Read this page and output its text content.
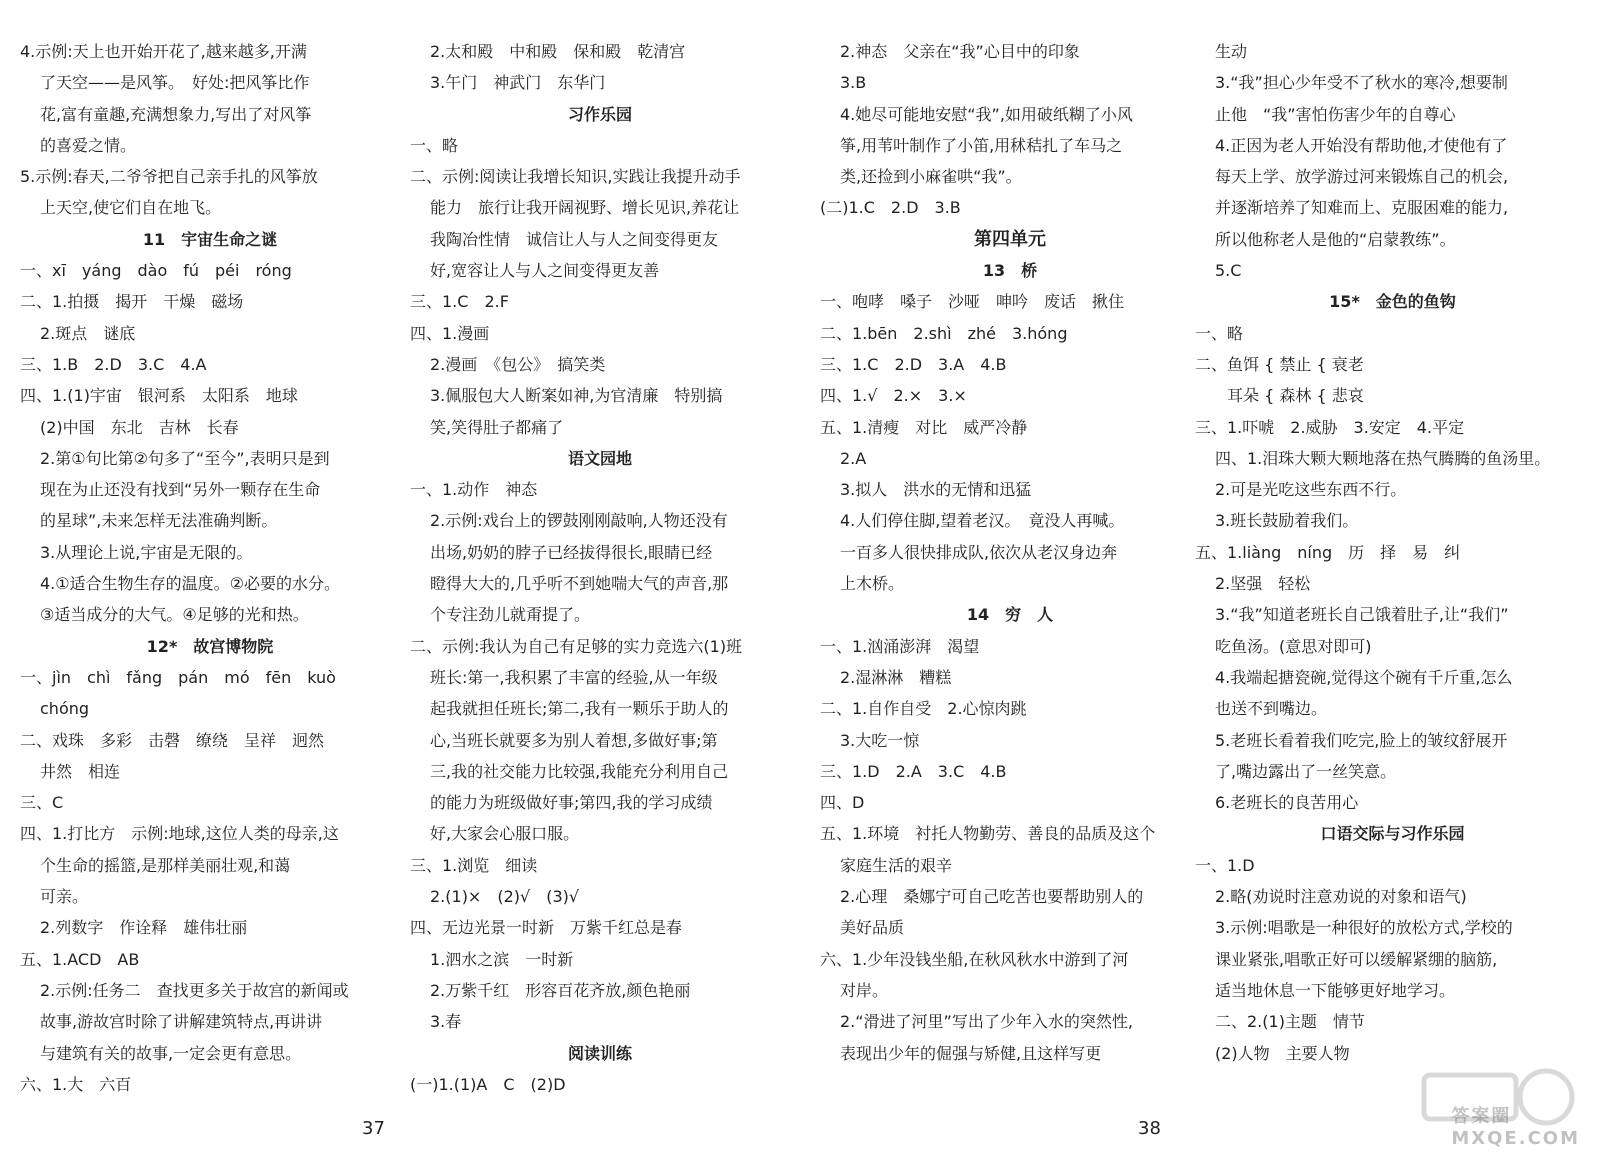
4.示例:天上也开始开花了,越来越多,开满
了天空——是风筝。　好处:把风筝比作
花,富有童趣,充满想象力,写出了对风筝
的喜爱之情。
5.示例:春天,二爷爷把自己亲手扎的风筝放
上天空,使它们自在地飞。
11　宇宙生命之谜
一、xī　yáng　dào　fú　péi　róng
二、1.拍摄　揭开　干燥　磁场
2.斑点　谜底
三、1.B　2.D　3.C　4.A
四、1.(1)宇宙　银河系　太阳系　地球
(2)中国　东北　吉林　长春
2.第①句比第②句多了“至今”,表明只是到
现在为止还没有找到“另外一颗存在生命
的星球”,未来怎样无法准确判断。
3.从理论上说,宇宙是无限的。
4.①适合生物生存的温度。②必要的水分。
③适当成分的大气。④足够的光和热。
12*　故宫博物院
一、jìn　chì　fǎng　pán　mó　fēn　kuò
chóng
二、戏珠　多彩　击磬　缭绕　呈祥　迥然
井然　相连
三、C
四、1.打比方　示例:地球,这位人类的母亲,这
个生命的摇篮,是那样美丽壮观,和蔼
可亲。
2.列数字　作诠释　雄伟壮丽
五、1.ACD　AB
2.示例:任务二　查找更多关于故宫的新闻或
故事,游故宫时除了讲解建筑特点,再讲讲
与建筑有关的故事,一定会更有意思。
六、1.大　六百
2.太和殿　中和殿　保和殿　乾清宫
3.午门　神武门　东华门
习作乐园
一、略
二、示例:阅读让我增长知识,实践让我提升动手
能力　旅行让我开阔视野、增长见识,养花让
我陶冶性情　诚信让人与人之间变得更友
好,宽容让人与人之间变得更友善
三、1.C　2.F
四、1.漫画
2.漫画　《包公》　搞笑类
3.佩服包大人断案如神,为官清廉　特别搞
笑,笑得肚子都痛了
语文园地
一、1.动作　神态
2.示例:戏台上的锣鼓刚刚敲响,人物还没有
出场,奶奶的脖子已经拔得很长,眼睛已经
瞪得大大的,几乎听不到她喘大气的声音,那
个专注劲儿就甭提了。
二、示例:我认为自己有足够的实力竞选六(1)班
班长:第一,我积累了丰富的经验,从一年级
起我就担任班长;第二,我有一颗乐于助人的
心,当班长就要多为别人着想,多做好事;第
三,我的社交能力比较强,我能充分利用自己
的能力为班级做好事;第四,我的学习成绩
好,大家会心服口服。
三、1.浏览　细读
2.(1)×　(2)√　(3)√
四、无边光景一时新　万紫千红总是春
1.泗水之滨　一时新
2.万紫千红　形容百花齐放,颜色艳丽
3.春
阅读训练
(一)1.(1)A　C　(2)D
2.神态　父亲在“我”心目中的印象
3.B
4.她尽可能地安慰“我”,如用破纸糊了小风
筝,用苇叶制作了小笛,用秫秸扎了车马之
类,还捡到小麻雀哄“我”。
(二)1.C　2.D　3.B
第四单元
13　桥
一、咆哮　嗓子　沙哑　呻吟　废话　揪住
二、1.bēn　2.shì　zhé　3.hóng
三、1.C　2.D　3.A　4.B
四、1.√　2.×　3.×
五、1.清瘦　对比　威严冷静
2.A
3.拟人　洪水的无情和迅猛
4.人们停住脚,望着老汉。　竟没人再喊。
一百多人很快排成队,依次从老汉身边奔
上木桥。
14　穷　人
一、1.汹涌澎湃　渴望
2.湿淋淋　糟糕
二、1.自作自受　2.心惊肉跳
3.大吃一惊
三、1.D　2.A　3.C　4.B
四、D
五、1.环境　衬托人物勤劳、善良的品质及这个
家庭生活的艰辛
2.心理　桑娜宁可自己吃苦也要帮助别人的
美好品质
六、1.少年没钱坐船,在秋风秋水中游到了河
对岸。
2.“滑进了河里”写出了少年入水的突然性,
表现出少年的倔强与矫健,且这样写更
生动
3.“我”担心少年受不了秋水的寒冷,想要制
止他　“我”害怕伤害少年的自尊心
4.正因为老人开始没有帮助他,才使他有了
每天上学、放学游过河来锻炼自己的机会,
并逐渐培养了知难而上、克服困难的能力,
所以他称老人是他的“启蒙教练”。
5.C
15*　金色的鱼钩
一、略
二、鱼饵 { 禁止 { 衰老
　　耳朵 { 森林 { 悲哀
三、1.吓唬　2.威胁　3.安定　4.平定
四、1.泪珠大颗大颗地落在热气腾腾的鱼汤里。
2.可是光吃这些东西不行。
3.班长鼓励着我们。
五、1.liàng　níng　历　择　易　纠
2.坚强　轻松
3.“我”知道老班长自己饿着肚子,让“我们”
吃鱼汤。(意思对即可)
4.我端起搪瓷碗,觉得这个碗有千斤重,怎么
也送不到嘴边。
5.老班长看着我们吃完,脸上的皱纹舒展开
了,嘴边露出了一丝笑意。
6.老班长的良苦用心
口语交际与习作乐园
一、1.D
2.略(劝说时注意劝说的对象和语气)
3.示例:唱歌是一种很好的放松方式,学校的
课业紧张,唱歌正好可以缓解紧绷的脑筋,
适当地休息一下能够更好地学习。
二、2.(1)主题　情节
(2)人物　主要人物
37	38
答案圈
MXQE.COM
